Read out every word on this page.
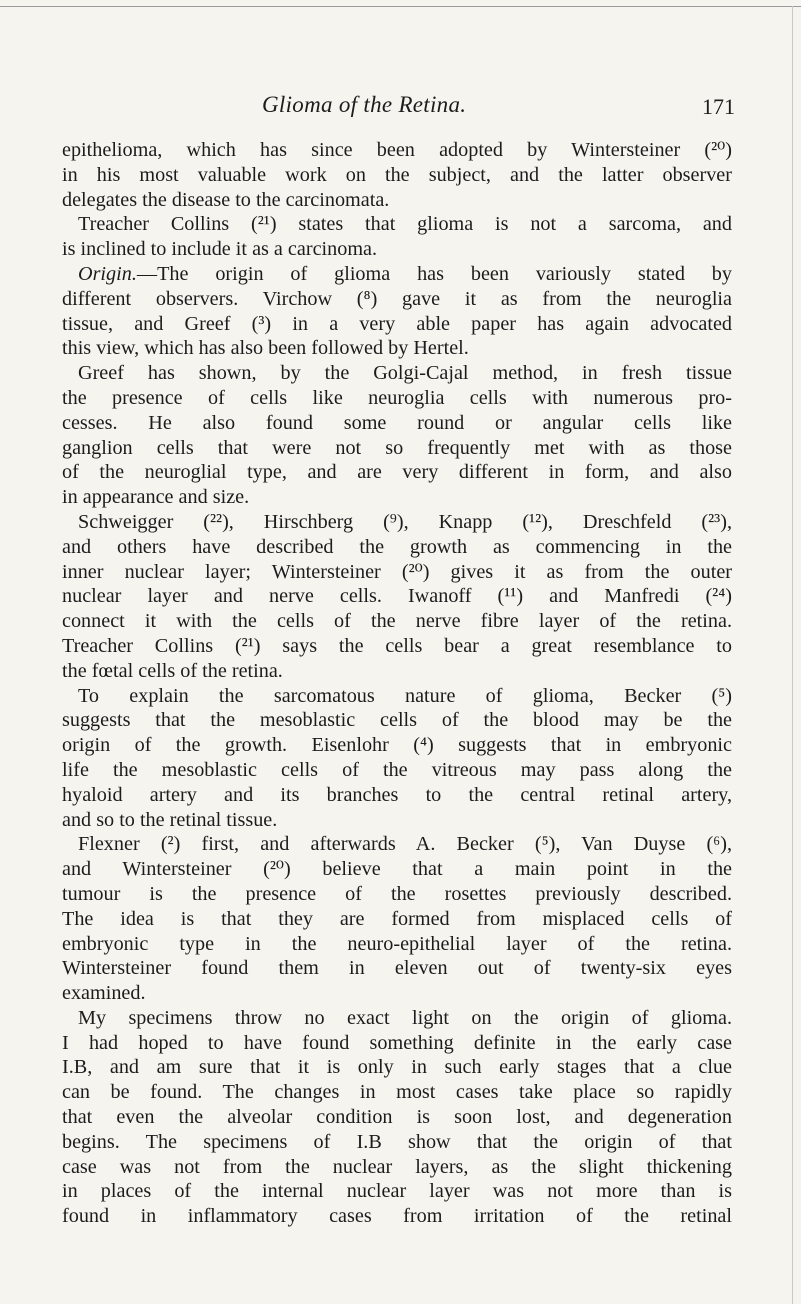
Glioma of the Retina.	171
epithelioma, which has since been adopted by Wintersteiner (²⁰)
in his most valuable work on the subject, and the latter observer
delegates the disease to the carcinomata.
Treacher Collins (²¹) states that glioma is not a sarcoma, and
is inclined to include it as a carcinoma.
Origin.—The origin of glioma has been variously stated by
different observers. Virchow (⁸) gave it as from the neuroglia
tissue, and Greef (³) in a very able paper has again advocated
this view, which has also been followed by Hertel.
Greef has shown, by the Golgi-Cajal method, in fresh tissue
the presence of cells like neuroglia cells with numerous pro-
cesses. He also found some round or angular cells like
ganglion cells that were not so frequently met with as those
of the neuroglial type, and are very different in form, and also
in appearance and size.
Schweigger (²²), Hirschberg (⁹), Knapp (¹²), Dreschfeld (²³),
and others have described the growth as commencing in the
inner nuclear layer; Wintersteiner (²⁰) gives it as from the outer
nuclear layer and nerve cells. Iwanoff (¹¹) and Manfredi (²⁴)
connect it with the cells of the nerve fibre layer of the retina.
Treacher Collins (²¹) says the cells bear a great resemblance to
the fœtal cells of the retina.
To explain the sarcomatous nature of glioma, Becker (⁵)
suggests that the mesoblastic cells of the blood may be the
origin of the growth. Eisenlohr (⁴) suggests that in embryonic
life the mesoblastic cells of the vitreous may pass along the
hyaloid artery and its branches to the central retinal artery,
and so to the retinal tissue.
Flexner (²) first, and afterwards A. Becker (⁵), Van Duyse (⁶),
and Wintersteiner (²⁰) believe that a main point in the
tumour is the presence of the rosettes previously described.
The idea is that they are formed from misplaced cells of
embryonic type in the neuro-epithelial layer of the retina.
Wintersteiner found them in eleven out of twenty-six eyes
examined.
My specimens throw no exact light on the origin of glioma.
I had hoped to have found something definite in the early case
I.B, and am sure that it is only in such early stages that a clue
can be found. The changes in most cases take place so rapidly
that even the alveolar condition is soon lost, and degeneration
begins. The specimens of I.B show that the origin of that
case was not from the nuclear layers, as the slight thickening
in places of the internal nuclear layer was not more than is
found in inflammatory cases from irritation of the retinal
